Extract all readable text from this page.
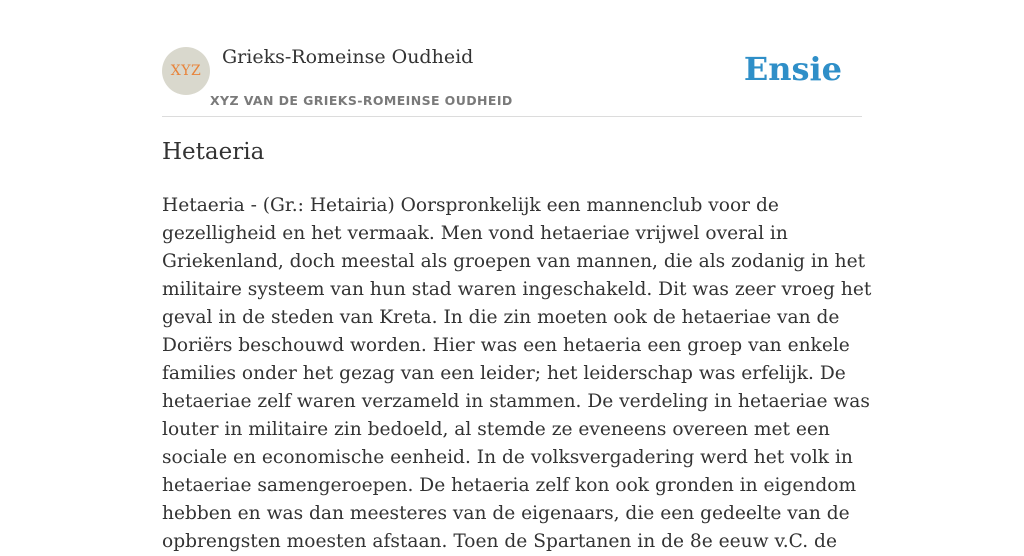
XYZ
Grieks-Romeinse Oudheid
XYZ VAN DE GRIEKS-ROMEINSE OUDHEID
Ensie
Hetaeria

Hetaeria - (Gr.: Hetairia) Oorspronkelijk een mannenclub voor de gezelligheid en het vermaak. Men vond hetaeriae vrijwel overal in Griekenland, doch meestal als groepen van mannen, die als zodanig in het militaire systeem van hun stad waren ingeschakeld. Dit was zeer vroeg het geval in de steden van Kreta. In die zin moeten ook de hetaeriae van de Doriërs beschouwd worden. Hier was een hetaeria een groep van enkele families onder het gezag van een leider; het leiderschap was erfelijk. De hetaeriae zelf waren verzameld in stammen. De verdeling in hetaeriae was louter in militaire zin bedoeld, al stemde ze eveneens overeen met een sociale en economische eenheid. In de volksvergadering werd het volk in hetaeriae samengeroepen. De hetaeria zelf kon ook gronden in eigendom hebben en was dan meesteres van de eigenaars, die een gedeelte van de opbrengsten moesten afstaan. Toen de Spartanen in de 8e eeuw v.C. de
